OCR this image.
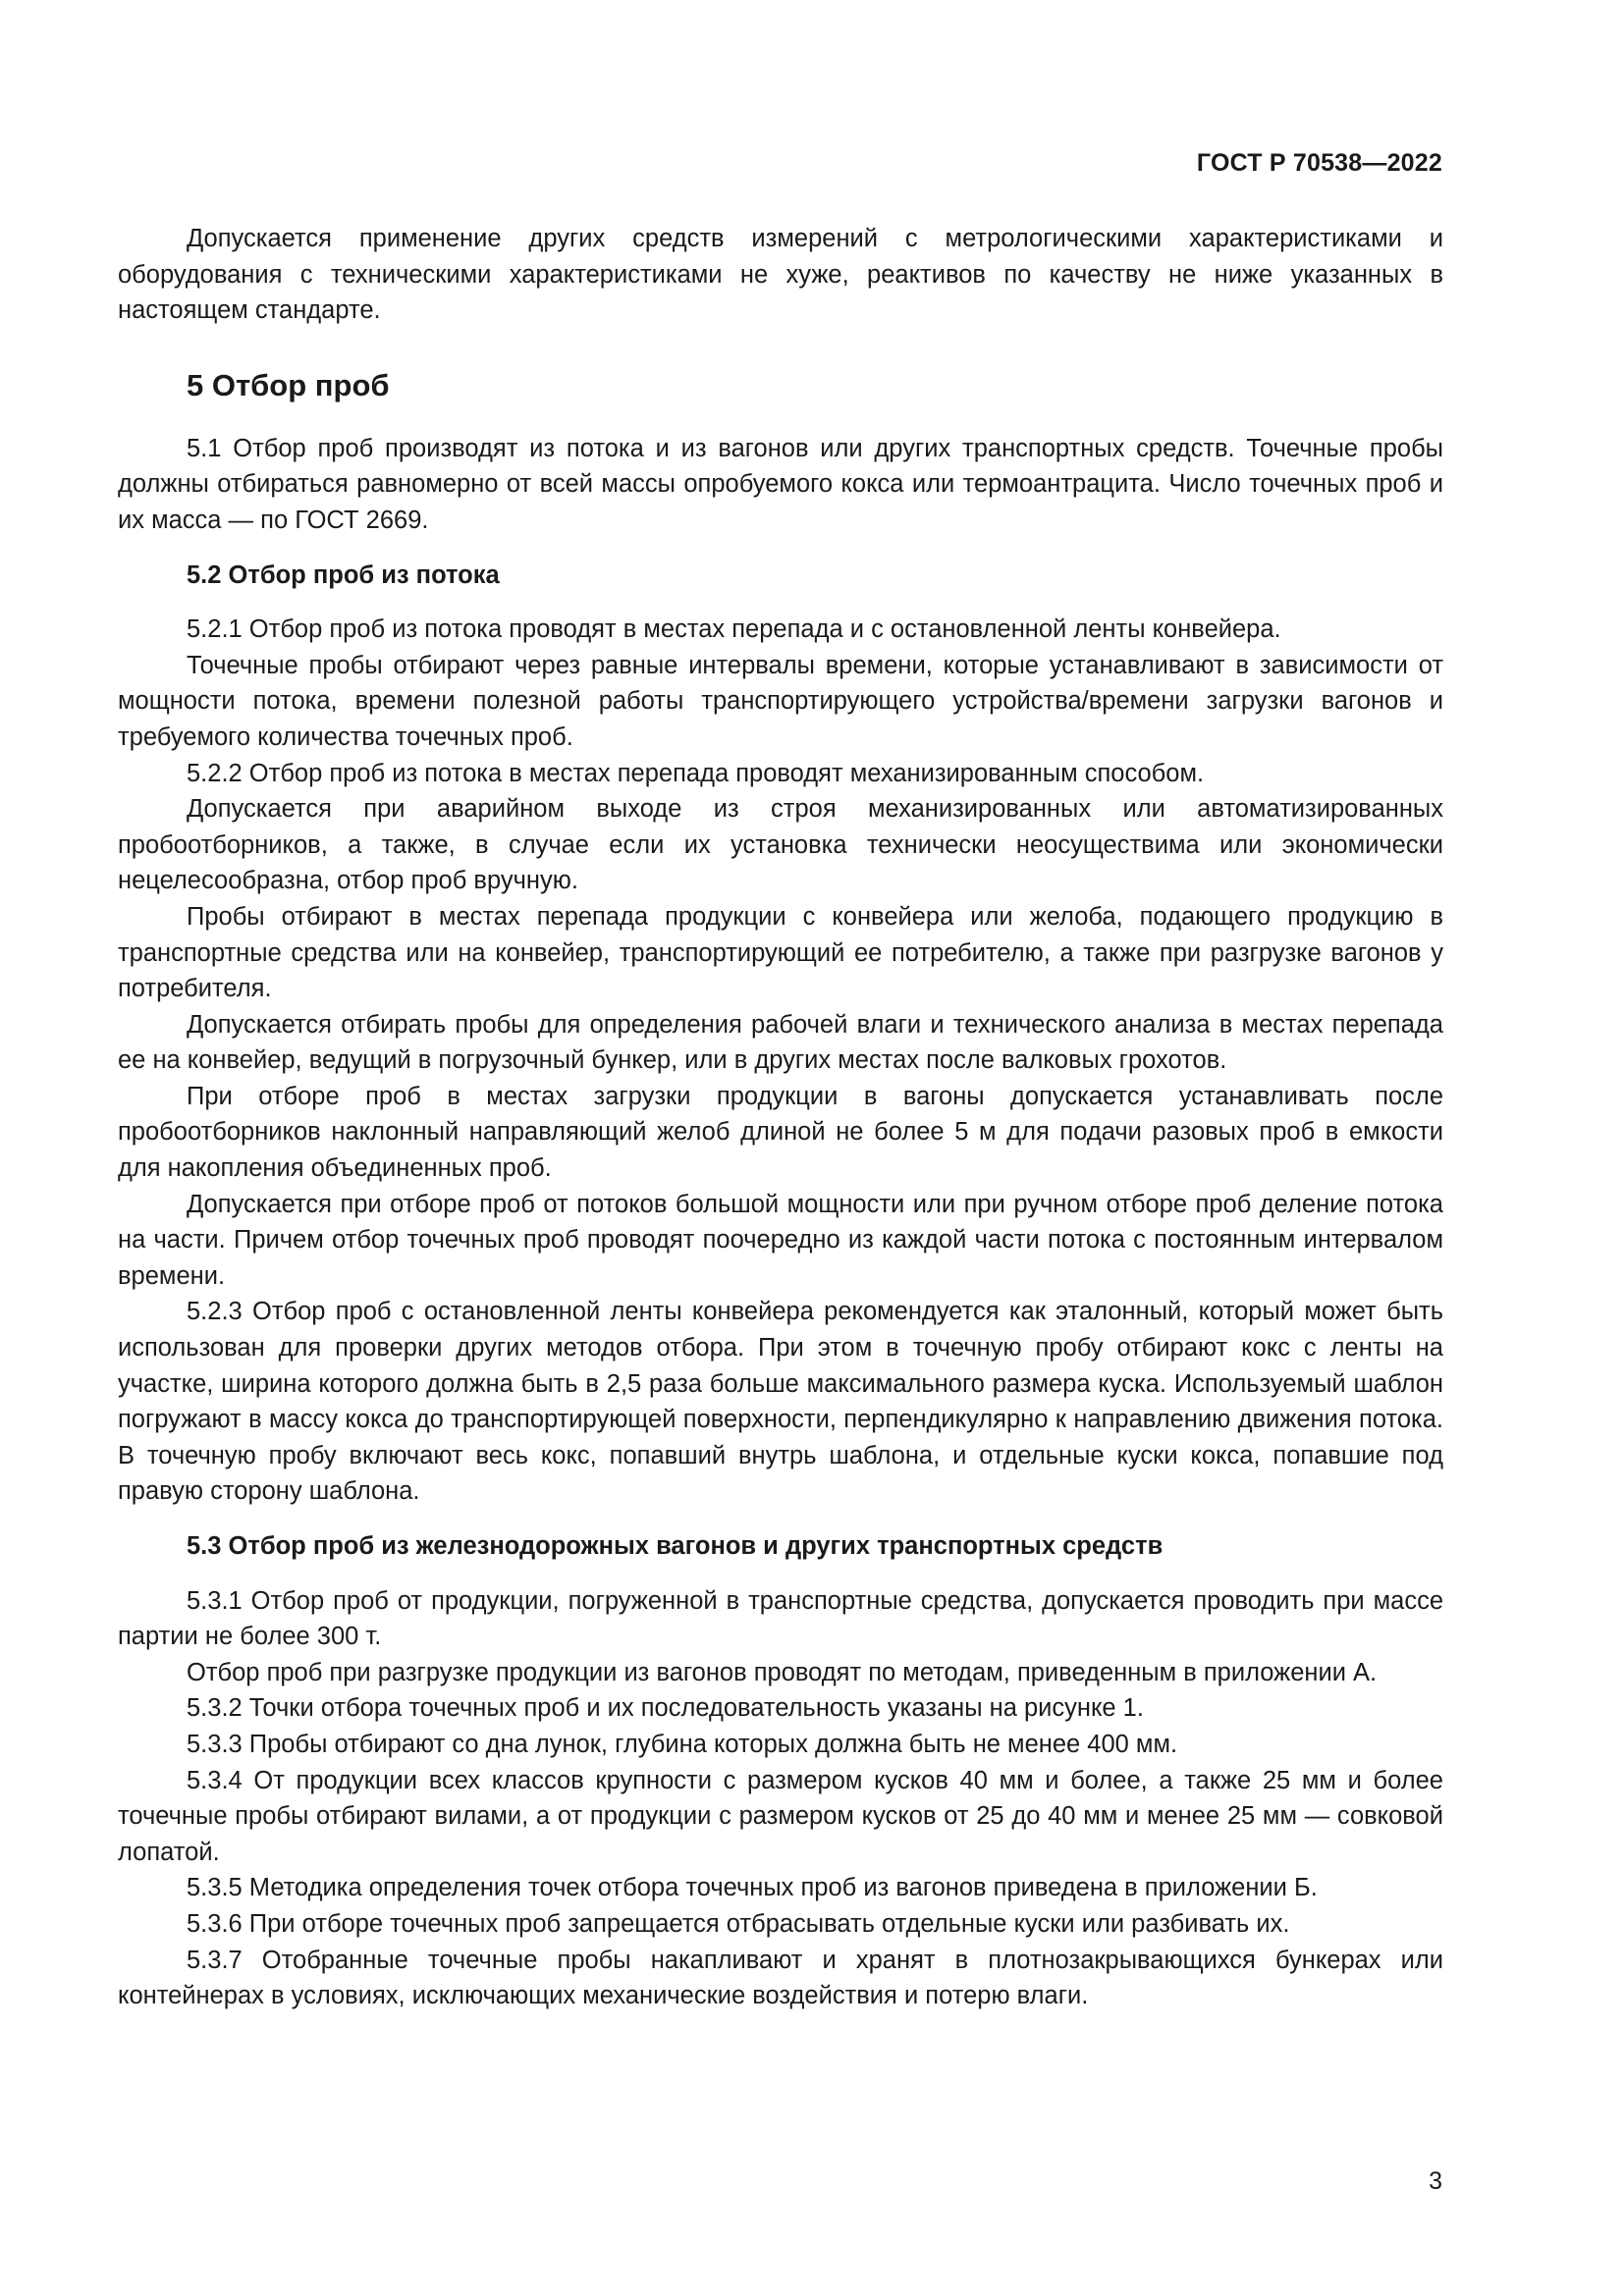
ГОСТ Р 70538—2022

Допускается применение других средств измерений с метрологическими характеристиками и оборудования с техническими характеристиками не хуже, реактивов по качеству не ниже указанных в настоящем стандарте.

5 Отбор проб

5.1 Отбор проб производят из потока и из вагонов или других транспортных средств. Точечные пробы должны отбираться равномерно от всей массы опробуемого кокса или термоантрацита. Число точечных проб и их масса — по ГОСТ 2669.

5.2 Отбор проб из потока

5.2.1 Отбор проб из потока проводят в местах перепада и с остановленной ленты конвейера.

Точечные пробы отбирают через равные интервалы времени, которые устанавливают в зависимости от мощности потока, времени полезной работы транспортирующего устройства/времени загрузки вагонов и требуемого количества точечных проб.

5.2.2 Отбор проб из потока в местах перепада проводят механизированным способом.

Допускается при аварийном выходе из строя механизированных или автоматизированных пробоотборников, а также, в случае если их установка технически неосуществима или экономически нецелесообразна, отбор проб вручную.

Пробы отбирают в местах перепада продукции с конвейера или желоба, подающего продукцию в транспортные средства или на конвейер, транспортирующий ее потребителю, а также при разгрузке вагонов у потребителя.

Допускается отбирать пробы для определения рабочей влаги и технического анализа в местах перепада ее на конвейер, ведущий в погрузочный бункер, или в других местах после валковых грохотов.

При отборе проб в местах загрузки продукции в вагоны допускается устанавливать после пробоотборников наклонный направляющий желоб длиной не более 5 м для подачи разовых проб в емкости для накопления объединенных проб.

Допускается при отборе проб от потоков большой мощности или при ручном отборе проб деление потока на части. Причем отбор точечных проб проводят поочередно из каждой части потока с постоянным интервалом времени.

5.2.3 Отбор проб с остановленной ленты конвейера рекомендуется как эталонный, который может быть использован для проверки других методов отбора. При этом в точечную пробу отбирают кокс с ленты на участке, ширина которого должна быть в 2,5 раза больше максимального размера куска. Используемый шаблон погружают в массу кокса до транспортирующей поверхности, перпендикулярно к направлению движения потока. В точечную пробу включают весь кокс, попавший внутрь шаблона, и отдельные куски кокса, попавшие под правую сторону шаблона.

5.3 Отбор проб из железнодорожных вагонов и других транспортных средств

5.3.1 Отбор проб от продукции, погруженной в транспортные средства, допускается проводить при массе партии не более 300 т.

Отбор проб при разгрузке продукции из вагонов проводят по методам, приведенным в приложении А.

5.3.2 Точки отбора точечных проб и их последовательность указаны на рисунке 1.

5.3.3 Пробы отбирают со дна лунок, глубина которых должна быть не менее 400 мм.

5.3.4 От продукции всех классов крупности с размером кусков 40 мм и более, а также 25 мм и более точечные пробы отбирают вилами, а от продукции с размером кусков от 25 до 40 мм и менее 25 мм — совковой лопатой.

5.3.5 Методика определения точек отбора точечных проб из вагонов приведена в приложении Б.

5.3.6 При отборе точечных проб запрещается отбрасывать отдельные куски или разбивать их.

5.3.7 Отобранные точечные пробы накапливают и хранят в плотнозакрывающихся бункерах или контейнерах в условиях, исключающих механические воздействия и потерю влаги.

3
